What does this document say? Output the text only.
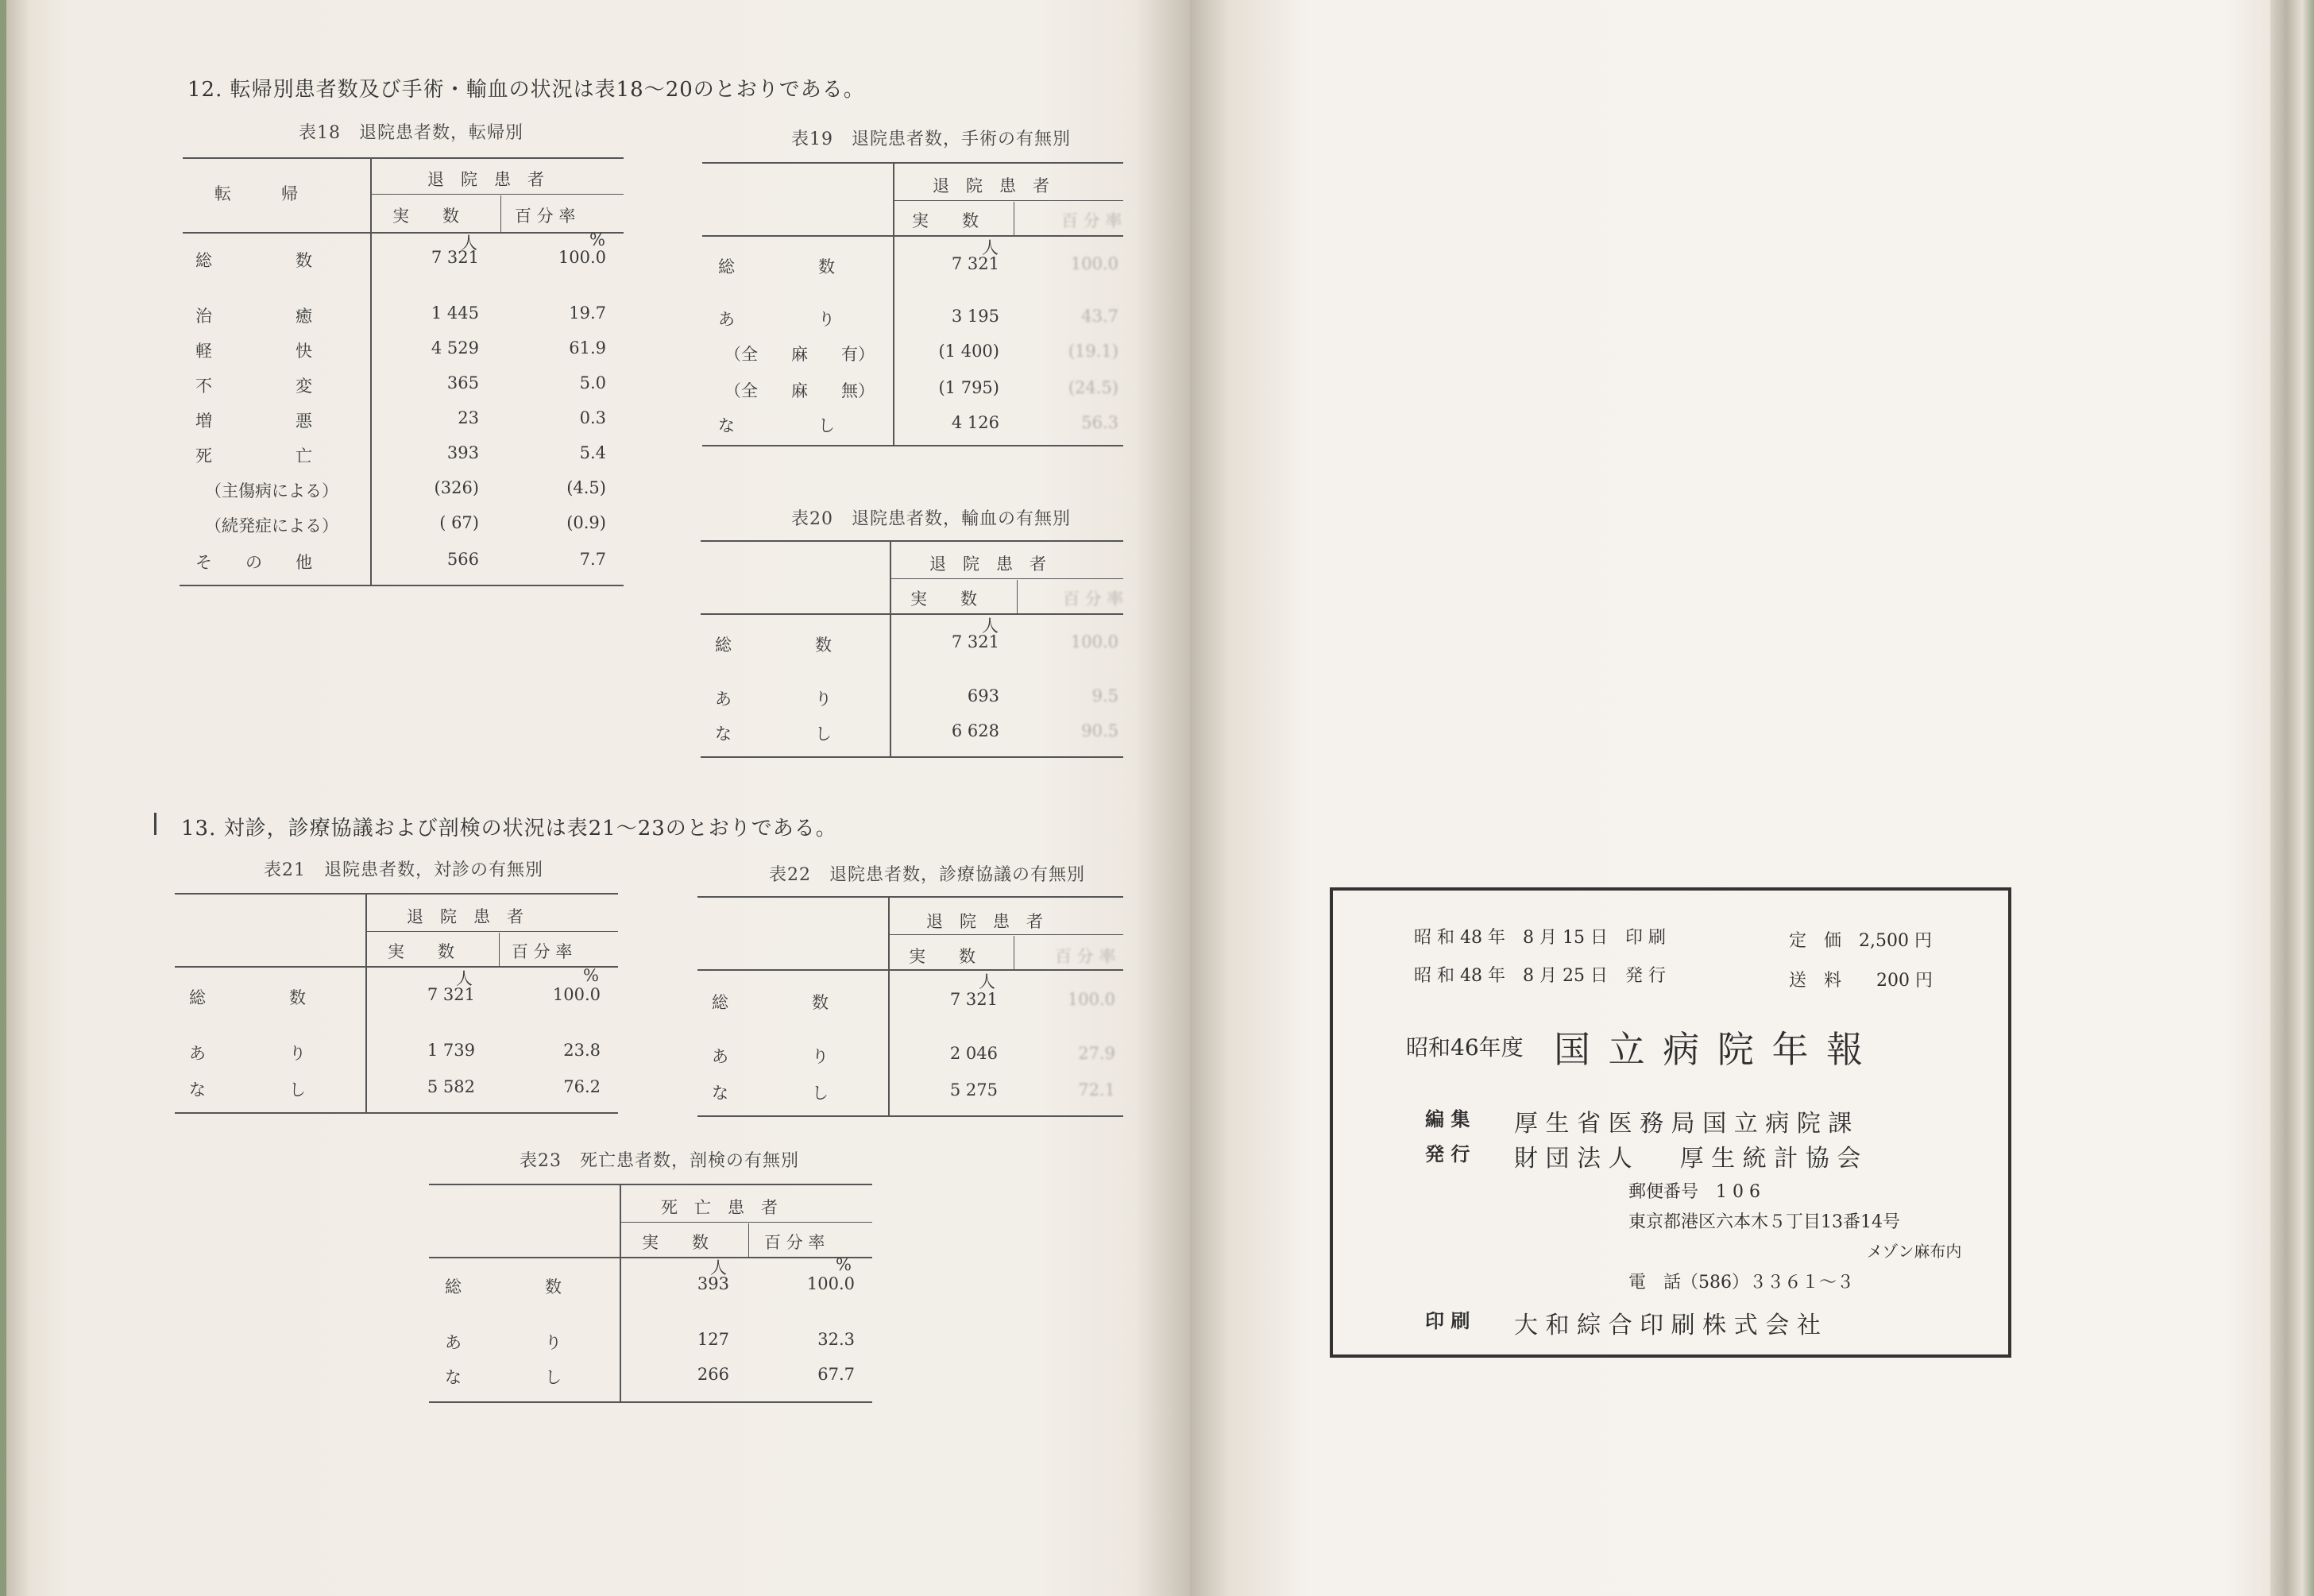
12. 転帰別患者数及び手術・輸血の状況は表18～20のとおりである。
表18　退院患者数，転帰別
転　　　帰
退　院　患　者
実　　数	百 分 率
人	%
総　　　　　数	7 321	100.0
治　　　　　癒	1 445	19.7
軽　　　　　快	4 529	61.9
不　　　　　変	365	5.0
増　　　　　悪	23	0.3
死　　　　　亡	393	5.4
（主傷病による）	(326)	(4.5)
（続発症による）	( 67)	(0.9)
そ　　の　　他	566	7.7
表19　退院患者数，手術の有無別
退　院　患　者
実　　数	百 分 率
人
総　　　　　数	7 321	100.0
あ　　　　　り	3 195	43.7
（全　　麻　　有）	(1 400)	(19.1)
（全　　麻　　無）	(1 795)	(24.5)
な　　　　　し	4 126	56.3
表20　退院患者数，輸血の有無別
退　院　患　者
実　　数	百 分 率
人
総　　　　　数	7 321	100.0
あ　　　　　り	693	9.5
な　　　　　し	6 628	90.5
13. 対診，診療協議および剖検の状況は表21～23のとおりである。
表21　退院患者数，対診の有無別
退　院　患　者
実　　数	百 分 率
人	%
総　　　　　数	7 321	100.0
あ　　　　　り	1 739	23.8
な　　　　　し	5 582	76.2
表22　退院患者数，診療協議の有無別
退　院　患　者
実　　数	百 分 率
人
総　　　　　数	7 321	100.0
あ　　　　　り	2 046	27.9
な　　　　　し	5 275	72.1
表23　死亡患者数，剖検の有無別
死　亡　患　者
実　　数	百 分 率
人	%
総　　　　　数	393	100.0
あ　　　　　り	127	32.3
な　　　　　し	266	67.7
昭 和 48 年　8 月 15 日　印 刷	定　価　2,500 円
昭 和 48 年　8 月 25 日　発 行	送　料　　200 円
昭和46年度 国 立 病 院 年 報
編 集 厚 生 省 医 務 局 国 立 病 院 課
発 行 財 団 法 人　　厚 生 統 計 協 会
郵便番号　1 0 6
東京都港区六本木５丁目13番14号
メゾン麻布内
電　話（586）３３６１～３
印 刷 大 和 綜 合 印 刷 株 式 会 社
